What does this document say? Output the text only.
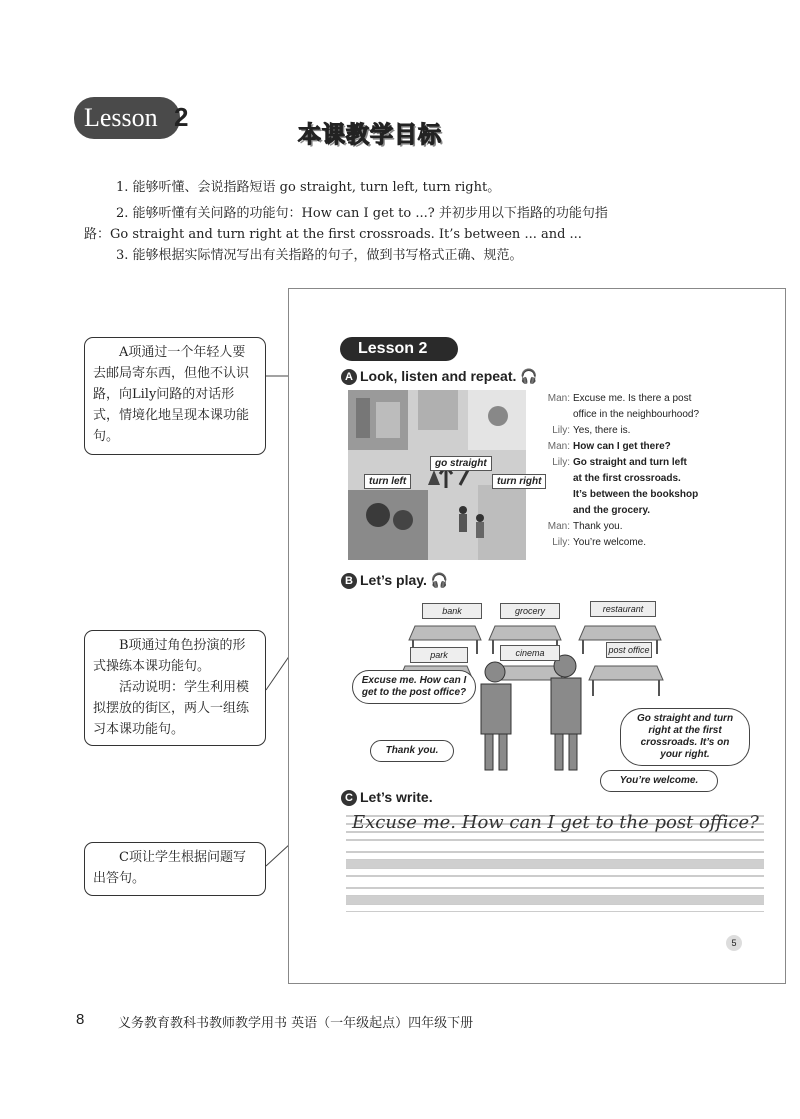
Lesson 2
本课教学目标
1. 能够听懂、会说指路短语 go straight, turn left, turn right。
2. 能够听懂有关问路的功能句：How can I get to ...? 并初步用以下指路的功能句指
路：Go straight and turn right at the first crossroads. It’s between ... and ...
3. 能够根据实际情况写出有关指路的句子，做到书写格式正确、规范。

A项通过一个年轻人要去邮局寄东西，但他不认识路，向Lily问路的对话形式，情境化地呈现本课功能句。

B项通过角色扮演的形式操练本课功能句。

活动说明：学生利用模拟摆放的街区，两人一组练习本课功能句。

C项让学生根据问题写出答句。

Lesson 2
A Look, listen and repeat. 🎧
go straight
turn left	turn right
Man: Excuse me. Is there a post
office in the neighbourhood?
Lily: Yes, there is.
Man: How can I get there?
Lily: Go straight and turn left
at the first crossroads.
It’s between the bookshop
and the grocery.
Man: Thank you.
Lily: You’re welcome.
B Let’s play. 🎧
bank	grocery	restaurant
park	cinema	post office
Excuse me. How can I get to the post office?
Go straight and turn right at the first crossroads. It’s on your right.
Thank you.
You’re welcome.
C Let’s write.
Excuse me. How can I get to the post office?
5
8	义务教育教科书教师教学用书 英语（一年级起点）四年级下册
